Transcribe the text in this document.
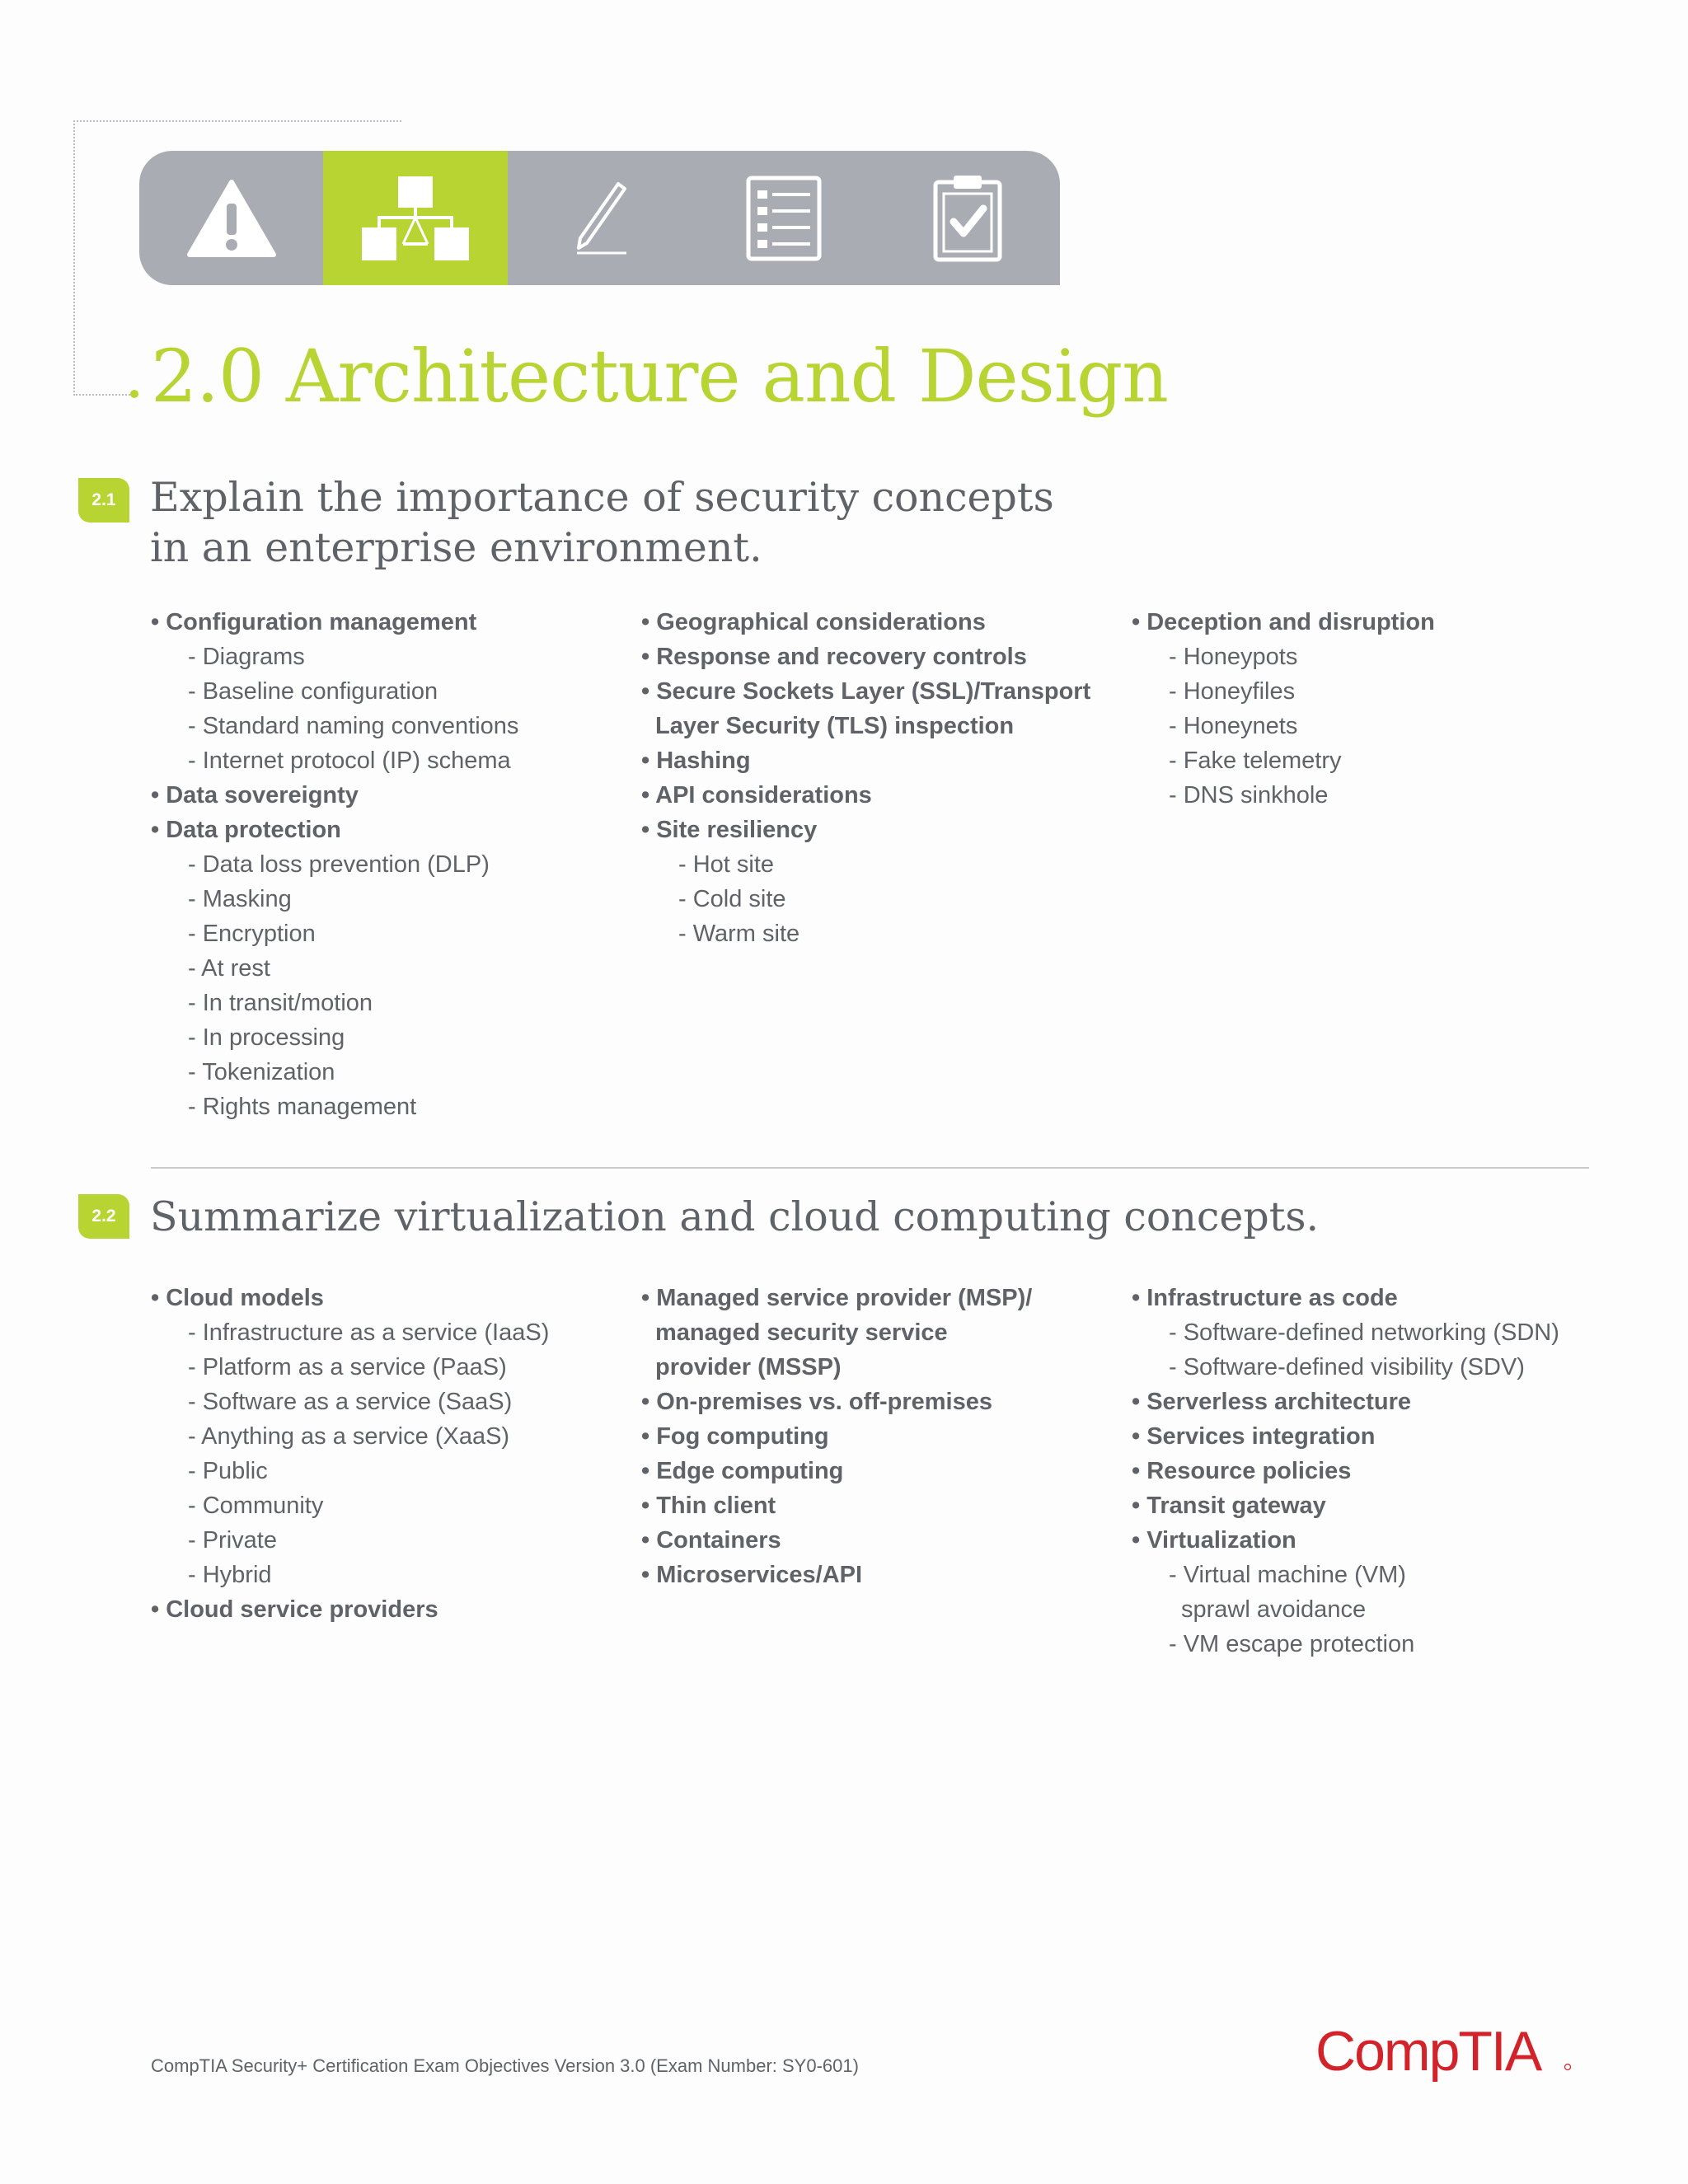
2.0 Architecture and Design
2.1 Explain the importance of security concepts
in an enterprise environment.
• Configuration management
- Diagrams
- Baseline configuration
- Standard naming conventions
- Internet protocol (IP) schema
• Data sovereignty
• Data protection
- Data loss prevention (DLP)
- Masking
- Encryption
- At rest
- In transit/motion
- In processing
- Tokenization
- Rights management
• Geographical considerations
• Response and recovery controls
• Secure Sockets Layer (SSL)/Transport
Layer Security (TLS) inspection
• Hashing
• API considerations
• Site resiliency
- Hot site
- Cold site
- Warm site
• Deception and disruption
- Honeypots
- Honeyfiles
- Honeynets
- Fake telemetry
- DNS sinkhole
2.2 Summarize virtualization and cloud computing concepts.
• Cloud models
- Infrastructure as a service (IaaS)
- Platform as a service (PaaS)
- Software as a service (SaaS)
- Anything as a service (XaaS)
- Public
- Community
- Private
- Hybrid
• Cloud service providers
• Managed service provider (MSP)/
managed security service
provider (MSSP)
• On-premises vs. off-premises
• Fog computing
• Edge computing
• Thin client
• Containers
• Microservices/API
• Infrastructure as code
- Software-defined networking (SDN)
- Software-defined visibility (SDV)
• Serverless architecture
• Services integration
• Resource policies
• Transit gateway
• Virtualization
- Virtual machine (VM)
sprawl avoidance
- VM escape protection
CompTIA Security+ Certification Exam Objectives Version 3.0 (Exam Number: SY0-601)	CompTIA
